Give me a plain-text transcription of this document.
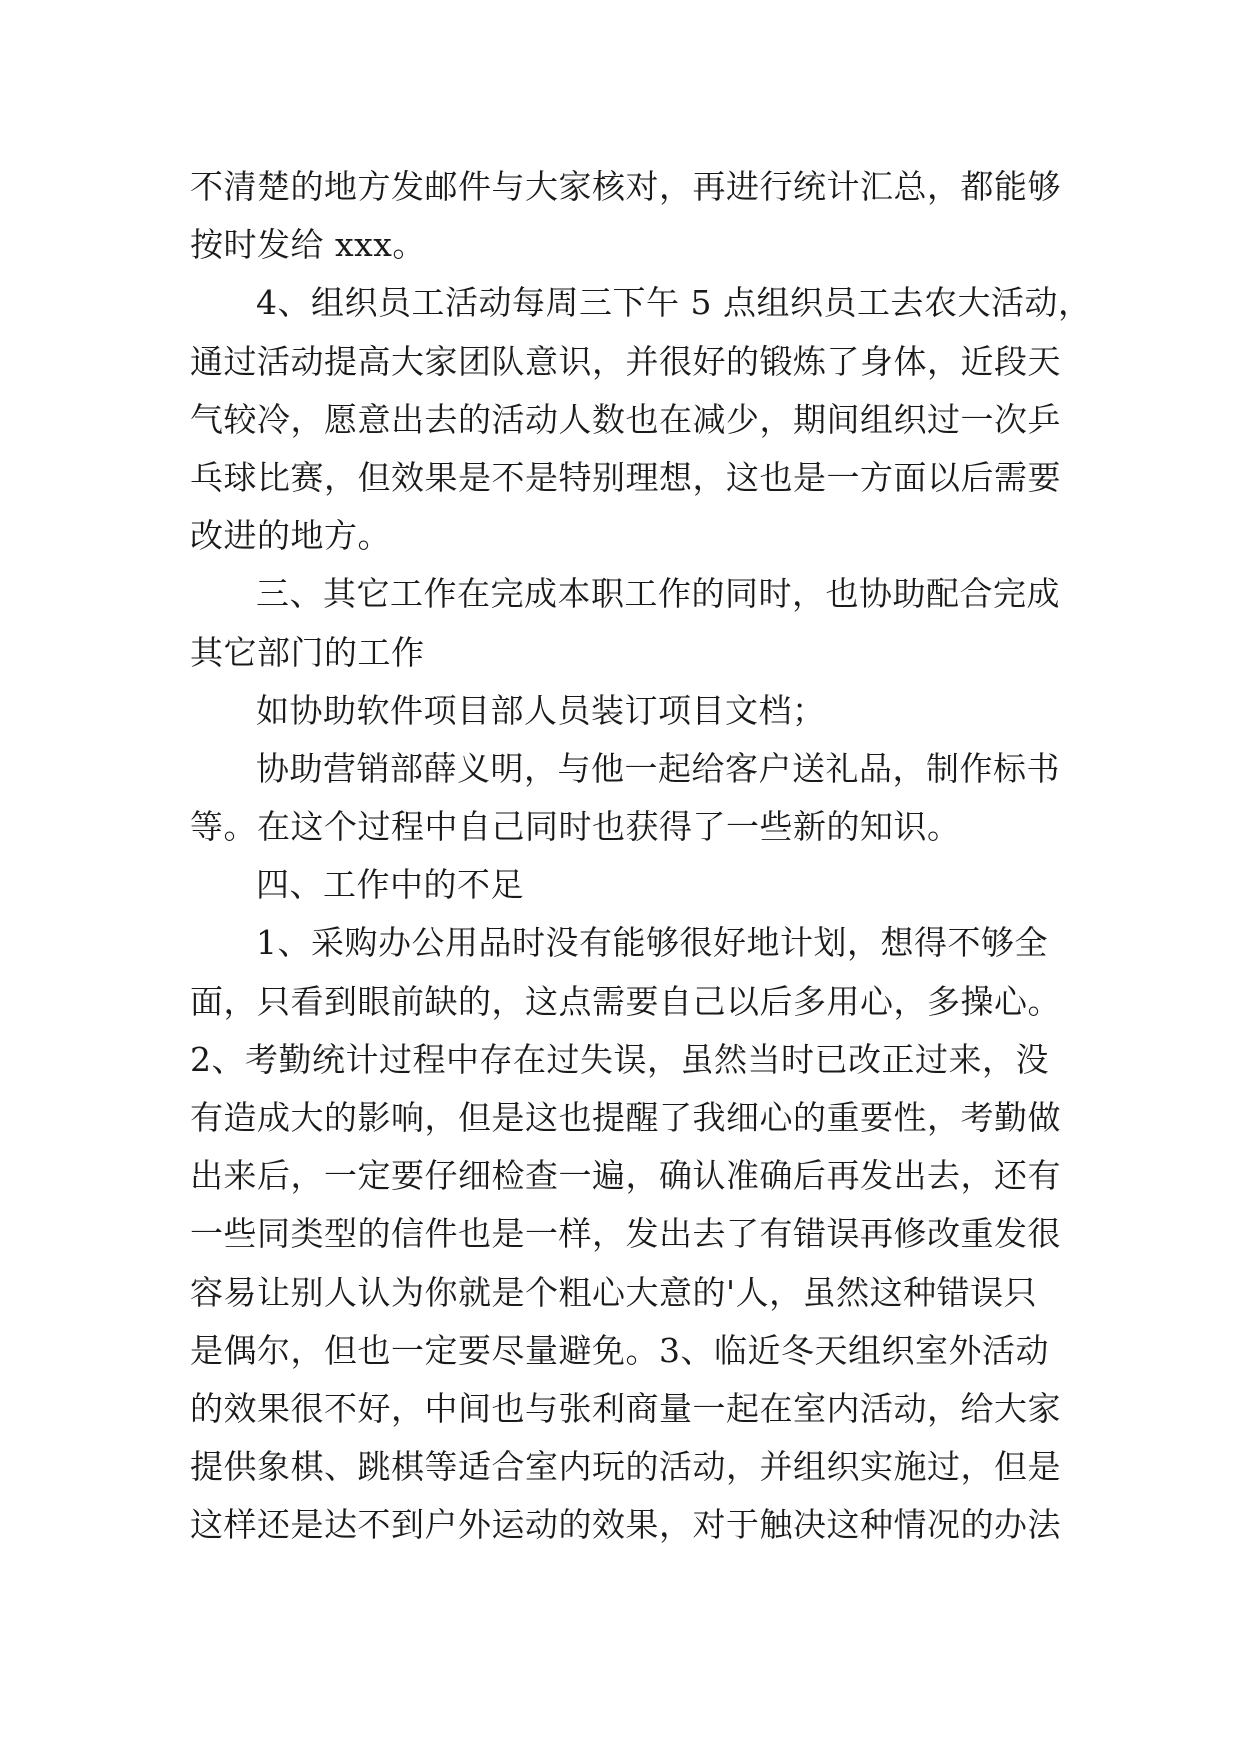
不清楚的地方发邮件与大家核对，再进行统计汇总，都能够
按时发给 xxx。
4、组织员工活动每周三下午 5 点组织员工去农大活动，
通过活动提高大家团队意识，并很好的锻炼了身体，近段天
气较冷，愿意出去的活动人数也在减少，期间组织过一次乒
乓球比赛，但效果是不是特别理想，这也是一方面以后需要
改进的地方。
三、其它工作在完成本职工作的同时，也协助配合完成
其它部门的工作
如协助软件项目部人员装订项目文档；
协助营销部薛义明，与他一起给客户送礼品，制作标书
等。在这个过程中自己同时也获得了一些新的知识。
四、工作中的不足
1、采购办公用品时没有能够很好地计划，想得不够全
面，只看到眼前缺的，这点需要自己以后多用心，多操心。
2、考勤统计过程中存在过失误，虽然当时已改正过来，没
有造成大的影响，但是这也提醒了我细心的重要性，考勤做
出来后，一定要仔细检查一遍，确认准确后再发出去，还有
一些同类型的信件也是一样，发出去了有错误再修改重发很
容易让别人认为你就是个粗心大意的'人，虽然这种错误只
是偶尔，但也一定要尽量避免。3、临近冬天组织室外活动
的效果很不好，中间也与张利商量一起在室内活动，给大家
提供象棋、跳棋等适合室内玩的活动，并组织实施过，但是
这样还是达不到户外运动的效果，对于触决这种情况的办法
